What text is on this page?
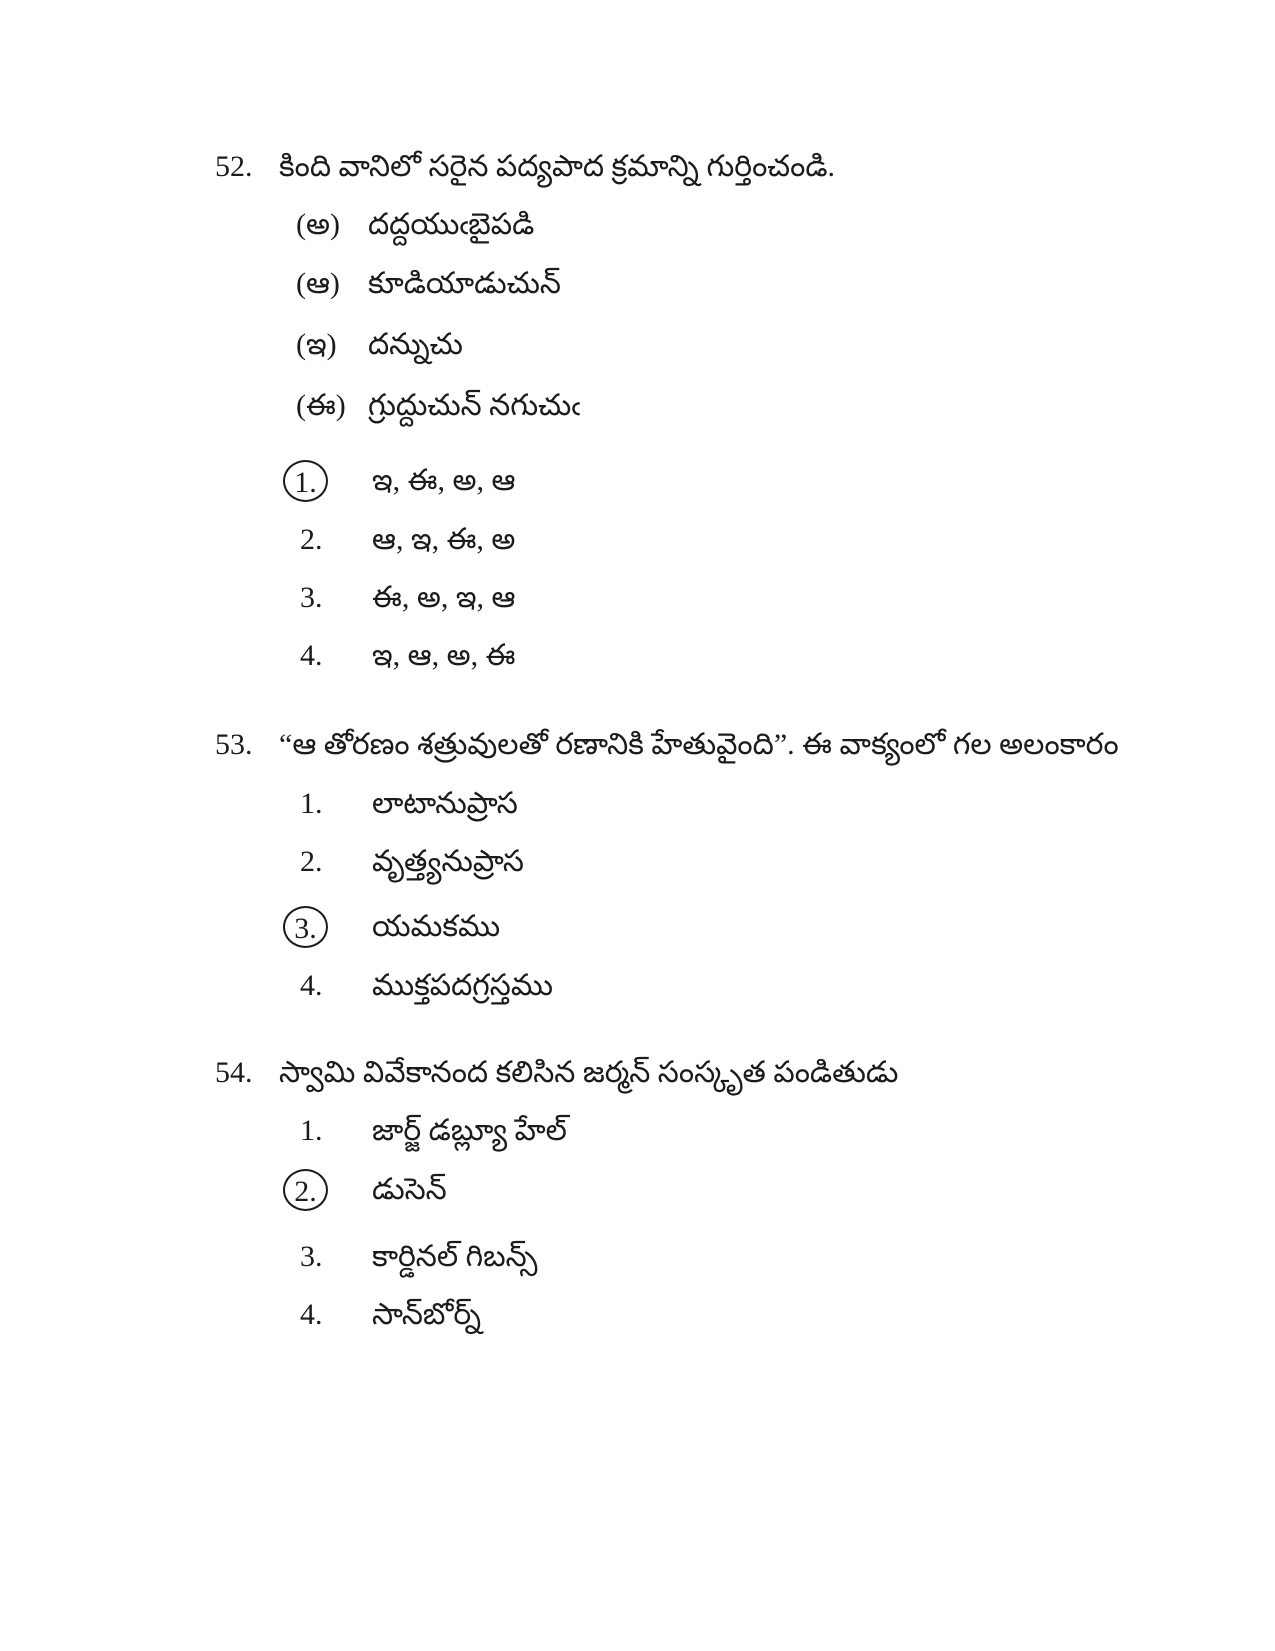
52. కింది వానిలో సరైన పద్యపాద క్రమాన్ని గుర్తించండి.
(అ) దద్దయుఁబైపడి
(ఆ) కూడియాడుచున్
(ఇ) దన్నుచు
(ఈ) గ్రుద్దుచున్ నగుచుఁ
1.	ఇ, ఈ, అ, ఆ
2. ఆ, ఇ, ఈ, అ
3. ఈ, అ, ఇ, ఆ
4. ఇ, ఆ, అ, ఈ
53. “ఆ తోరణం శత్రువులతో రణానికి హేతువైంది”. ఈ వాక్యంలో గల అలంకారం
1. లాటానుప్రాస
2. వృత్త్యనుప్రాస
3.	యమకము
4. ముక్తపదగ్రస్తము
54. స్వామి వివేకానంద కలిసిన జర్మన్ సంస్కృత పండితుడు
1. జార్జ్ డబ్ల్యూ హేల్
2.	డుసెన్
3. కార్డినల్ గిబన్స్
4. సాన్‌బోర్న్
